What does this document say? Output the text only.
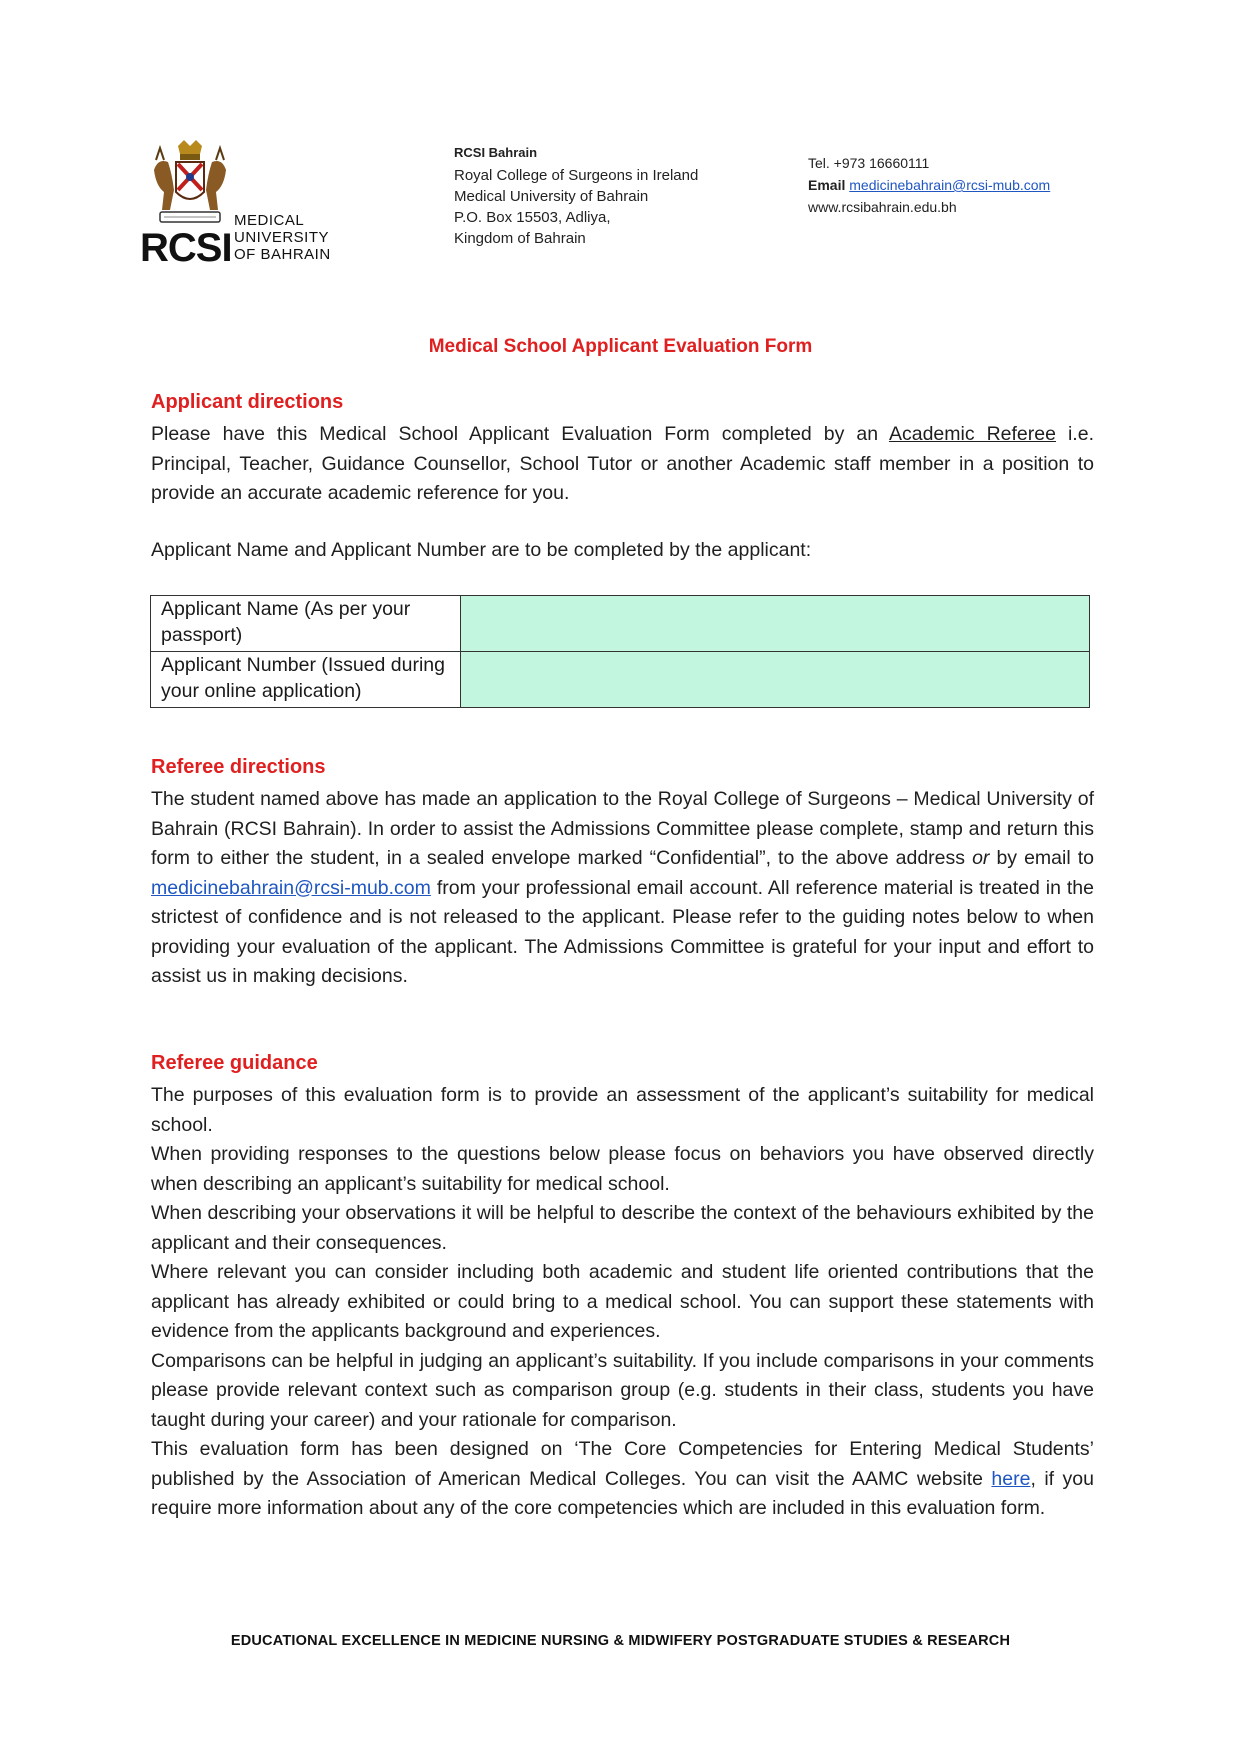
RCSI
MEDICAL
UNIVERSITY
OF BAHRAIN
RCSI Bahrain
Royal College of Surgeons in Ireland
Medical University of Bahrain
P.O. Box 15503, Adliya,
Kingdom of Bahrain
Tel. +973 16660111
Email medicinebahrain@rcsi-mub.com
www.rcsibahrain.edu.bh
Medical School Applicant Evaluation Form
Applicant directions
Please have this Medical School Applicant Evaluation Form completed by an Academic Referee i.e. Principal, Teacher, Guidance Counsellor, School Tutor or another Academic staff member in a position to provide an accurate academic reference for you.
Applicant Name and Applicant Number are to be completed by the applicant:
Applicant Name (As per your passport)	
Applicant Number (Issued during your online application)	
Referee directions
The student named above has made an application to the Royal College of Surgeons – Medical University of Bahrain (RCSI Bahrain). In order to assist the Admissions Committee please complete, stamp and return this form to either the student, in a sealed envelope marked “Confidential”, to the above address or by email to medicinebahrain@rcsi-mub.com from your professional email account. All reference material is treated in the strictest of confidence and is not released to the applicant. Please refer to the guiding notes below to when providing your evaluation of the applicant. The Admissions Committee is grateful for your input and effort to assist us in making decisions.
Referee guidance
The purposes of this evaluation form is to provide an assessment of the applicant’s suitability for medical school.
When providing responses to the questions below please focus on behaviors you have observed directly when describing an applicant’s suitability for medical school.
When describing your observations it will be helpful to describe the context of the behaviours exhibited by the applicant and their consequences.
Where relevant you can consider including both academic and student life oriented contributions that the applicant has already exhibited or could bring to a medical school. You can support these statements with evidence from the applicants background and experiences.
Comparisons can be helpful in judging an applicant’s suitability. If you include comparisons in your comments please provide relevant context such as comparison group (e.g. students in their class, students you have taught during your career) and your rationale for comparison.
This evaluation form has been designed on ‘The Core Competencies for Entering Medical Students’ published by the Association of American Medical Colleges. You can visit the AAMC website here, if you require more information about any of the core competencies which are included in this evaluation form.
EDUCATIONAL EXCELLENCE IN MEDICINE NURSING & MIDWIFERY POSTGRADUATE STUDIES & RESEARCH
